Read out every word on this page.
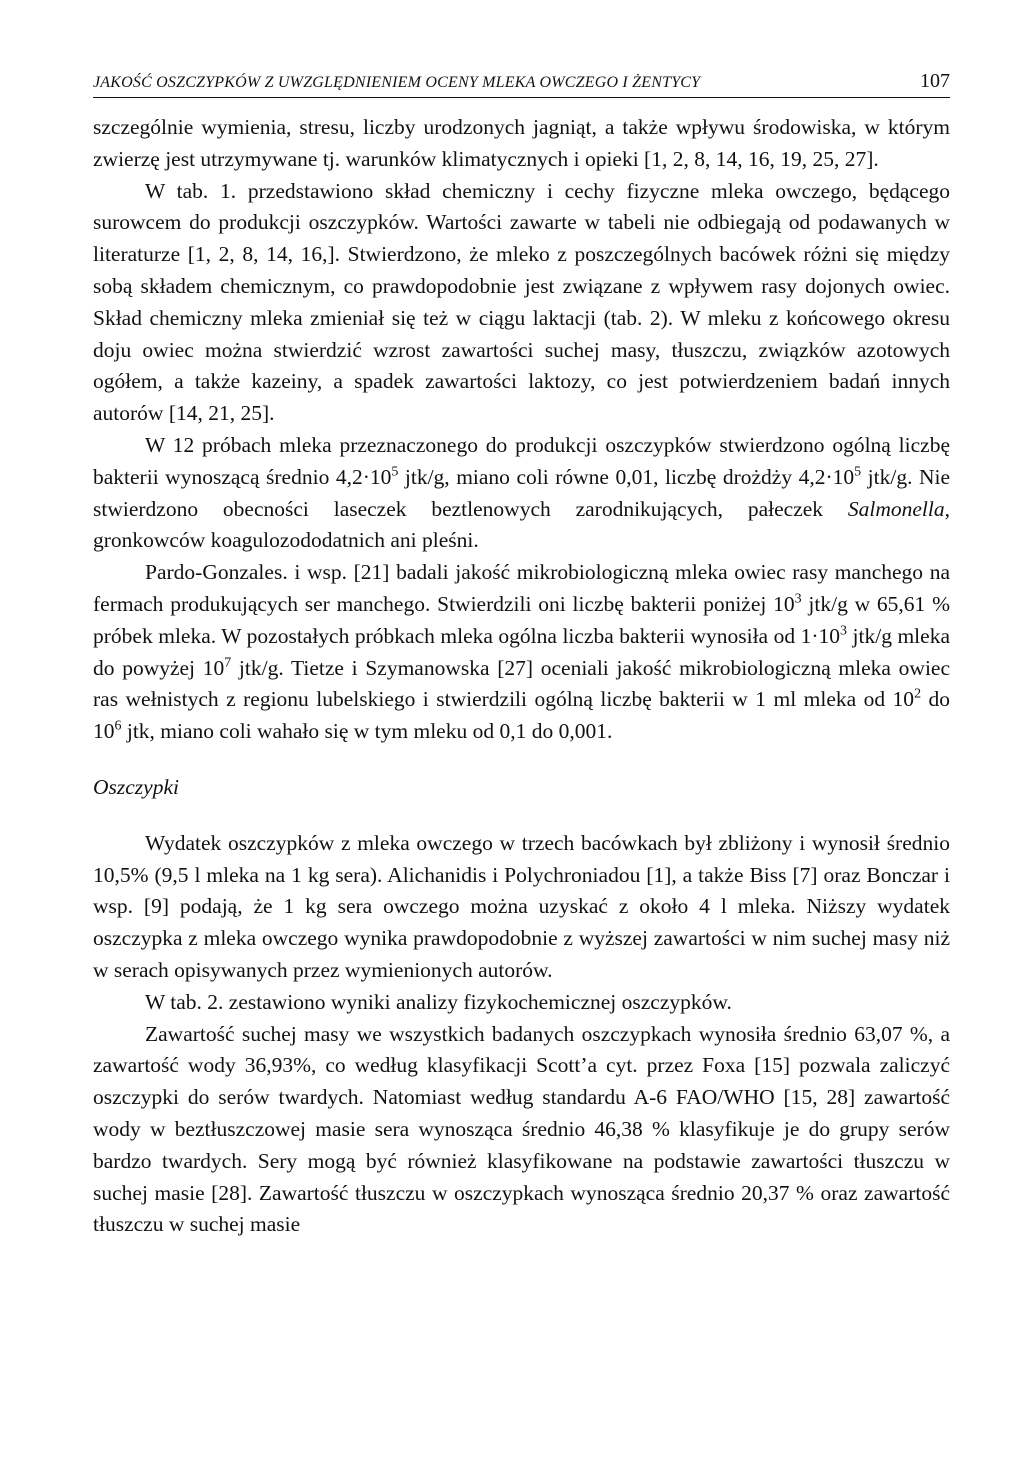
JAKOŚĆ OSZCZYPKÓW Z UWZGLĘDNIENIEM OCENY MLEKA OWCZEGO I ŻENTYCY	107

szczególnie wymienia, stresu, liczby urodzonych jagniąt, a także wpływu środowiska, w którym zwierzę jest utrzymywane tj. warunków klimatycznych i opieki [1, 2, 8, 14, 16, 19, 25, 27].

W tab. 1. przedstawiono skład chemiczny i cechy fizyczne mleka owczego, będącego surowcem do produkcji oszczypków. Wartości zawarte w tabeli nie odbiegają od podawanych w literaturze [1, 2, 8, 14, 16,]. Stwierdzono, że mleko z poszczególnych bacówek różni się między sobą składem chemicznym, co prawdopodobnie jest związane z wpływem rasy dojonych owiec. Skład chemiczny mleka zmieniał się też w ciągu laktacji (tab. 2). W mleku z końcowego okresu doju owiec można stwierdzić wzrost zawartości suchej masy, tłuszczu, związków azotowych ogółem, a także kazeiny, a spadek zawartości laktozy, co jest potwierdzeniem badań innych autorów [14, 21, 25].

W 12 próbach mleka przeznaczonego do produkcji oszczypków stwierdzono ogólną liczbę bakterii wynoszącą średnio $4,2\cdot 10^5$ jtk/g, miano coli równe 0,01, liczbę drożdży $4,2\cdot 10^5$ jtk/g. Nie stwierdzono obecności laseczek beztlenowych zarodnikujących, pałeczek Salmonella, gronkowców koagulozododatnich ani pleśni.

Pardo-Gonzales. i wsp. [21] badali jakość mikrobiologiczną mleka owiec rasy manchego na fermach produkujących ser manchego. Stwierdzili oni liczbę bakterii poniżej $10^3$ jtk/g w 65,61 % próbek mleka. W pozostałych próbkach mleka ogólna liczba bakterii wynosiła od $1\cdot 10^3$ jtk/g mleka do powyżej $10^7$ jtk/g. Tietze i Szymanowska [27] oceniali jakość mikrobiologiczną mleka owiec ras wełnistych z regionu lubelskiego i stwierdzili ogólną liczbę bakterii w 1 ml mleka od $10^2$ do $10^6$ jtk, miano coli wahało się w tym mleku od 0,1 do 0,001.

Oszczypki

Wydatek oszczypków z mleka owczego w trzech bacówkach był zbliżony i wynosił średnio 10,5% (9,5 l mleka na 1 kg sera). Alichanidis i Polychroniadou [1], a także Biss [7] oraz Bonczar i wsp. [9] podają, że 1 kg sera owczego można uzyskać z około 4 l mleka. Niższy wydatek oszczypka z mleka owczego wynika prawdopodobnie z wyższej zawartości w nim suchej masy niż w serach opisywanych przez wymienionych autorów.

W tab. 2. zestawiono wyniki analizy fizykochemicznej oszczypków.

Zawartość suchej masy we wszystkich badanych oszczypkach wynosiła średnio 63,07 %, a zawartość wody 36,93%, co według klasyfikacji Scott’a cyt. przez Foxa [15] pozwala zaliczyć oszczypki do serów twardych. Natomiast według standardu A-6 FAO/WHO [15, 28] zawartość wody w beztłuszczowej masie sera wynosząca średnio 46,38 % klasyfikuje je do grupy serów bardzo twardych. Sery mogą być również klasyfikowane na podstawie zawartości tłuszczu w suchej masie [28]. Zawartość tłuszczu w oszczypkach wynosząca średnio 20,37 % oraz zawartość tłuszczu w suchej masie
